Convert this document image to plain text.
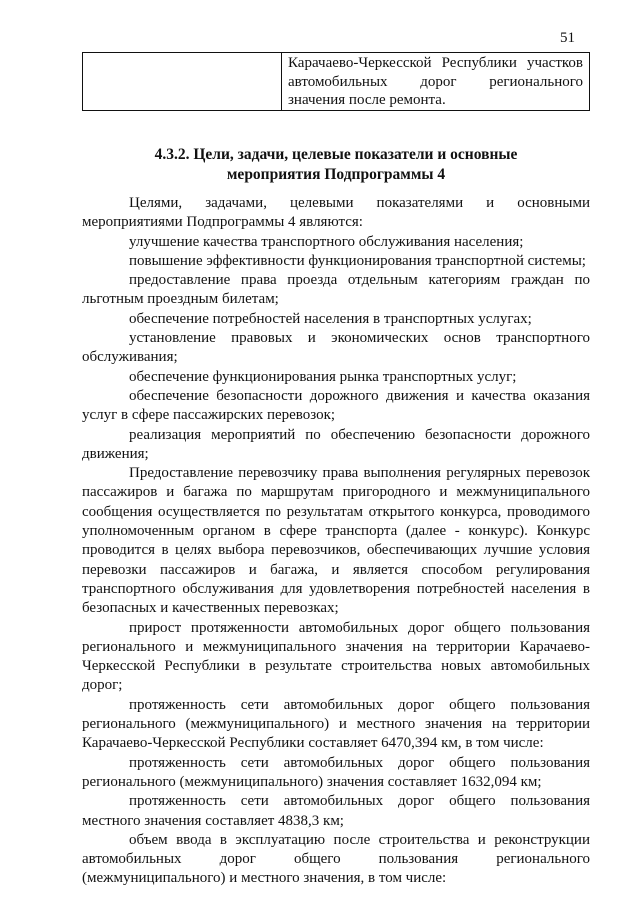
51
	Карачаево-Черкесской Республики участков автомобильных дорог регионального значения после ремонта.
4.3.2. Цели, задачи, целевые показатели и основные
мероприятия Подпрограммы 4

Целями, задачами, целевыми показателями и основными мероприятиями Подпрограммы 4 являются:

улучшение качества транспортного обслуживания населения;

повышение эффективности функционирования транспортной системы;

предоставление права проезда отдельным категориям граждан по льготным проездным билетам;

обеспечение потребностей населения в транспортных услугах;

установление правовых и экономических основ транспортного обслуживания;

обеспечение функционирования рынка транспортных услуг;

обеспечение безопасности дорожного движения и качества оказания услуг в сфере пассажирских перевозок;

реализация мероприятий по обеспечению безопасности дорожного движения;

Предоставление перевозчику права выполнения регулярных перевозок пассажиров и багажа по маршрутам пригородного и межмуниципального сообщения осуществляется по результатам открытого конкурса, проводимого уполномоченным органом в сфере транспорта (далее - конкурс). Конкурс проводится в целях выбора перевозчиков, обеспечивающих лучшие условия перевозки пассажиров и багажа, и является способом регулирования транспортного обслуживания для удовлетворения потребностей населения в безопасных и качественных перевозках;

прирост протяженности автомобильных дорог общего пользования регионального и межмуниципального значения на территории Карачаево-Черкесской Республики в результате строительства новых автомобильных дорог;

протяженность сети автомобильных дорог общего пользования регионального (межмуниципального) и местного значения на территории Карачаево-Черкесской Республики составляет 6470,394 км, в том числе:

протяженность сети автомобильных дорог общего пользования регионального (межмуниципального) значения составляет 1632,094 км;

протяженность сети автомобильных дорог общего пользования местного значения составляет 4838,3 км;

объем ввода в эксплуатацию после строительства и реконструкции автомобильных дорог общего пользования регионального (межмуниципального) и местного значения, в том числе:
